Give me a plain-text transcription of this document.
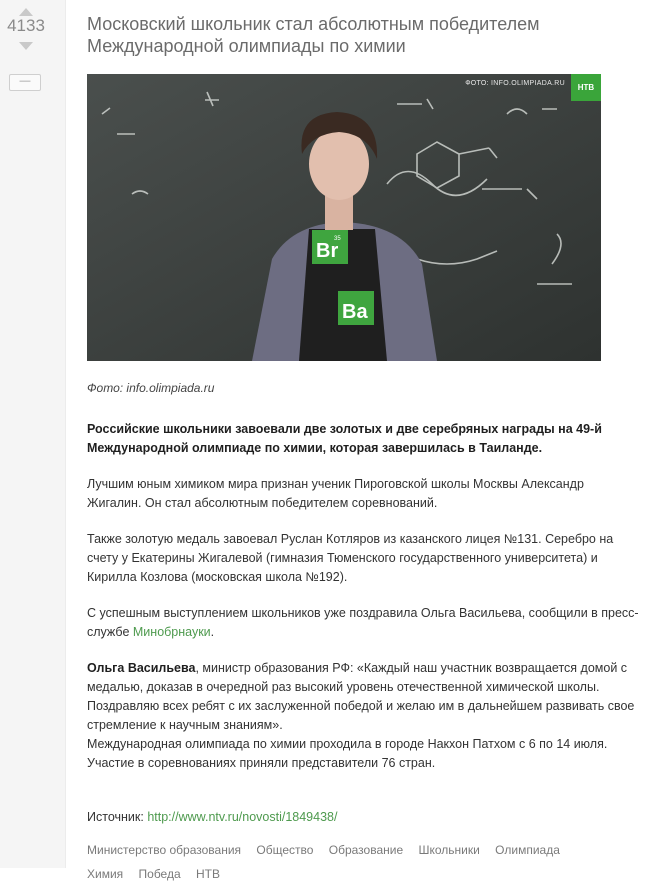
4133
—
Московский школьник стал абсолютным победителем Международной олимпиады по химии
Br
35
Ba
ФОТО: INFO.OLIMPIADA.RU	НТВ

Фото: info.olimpiada.ru

Российские школьники завоевали две золотых и две серебряных награды на 49-й Международной олимпиаде по химии, которая завершилась в Таиланде.

Лучшим юным химиком мира признан ученик Пироговской школы Москвы Александр Жигалин. Он стал абсолютным победителем соревнований.

Также золотую медаль завоевал Руслан Котляров из казанского лицея №131. Серебро на счету у Екатерины Жигалевой (гимназия Тюменского государственного университета) и Кирилла Козлова (московская школа №192).

С успешным выступлением школьников уже поздравила Ольга Васильева, сообщили в пресс-службе Минобрнауки.

Ольга Васильева, министр образования РФ: «Каждый наш участник возвращается домой с медалью, доказав в очередной раз высокий уровень отечественной химической школы. Поздравляю всех ребят с их заслуженной победой и желаю им в дальнейшем развивать свое стремление к научным знаниям».
Международная олимпиада по химии проходила в городе Накхон Патхом с 6 по 14 июля.
Участие в соревнованиях приняли представители 76 стран.

Источник: http://www.ntv.ru/novosti/1849438/

Министерство образования Общество Образование Школьники Олимпиада Химия Победа НТВ
